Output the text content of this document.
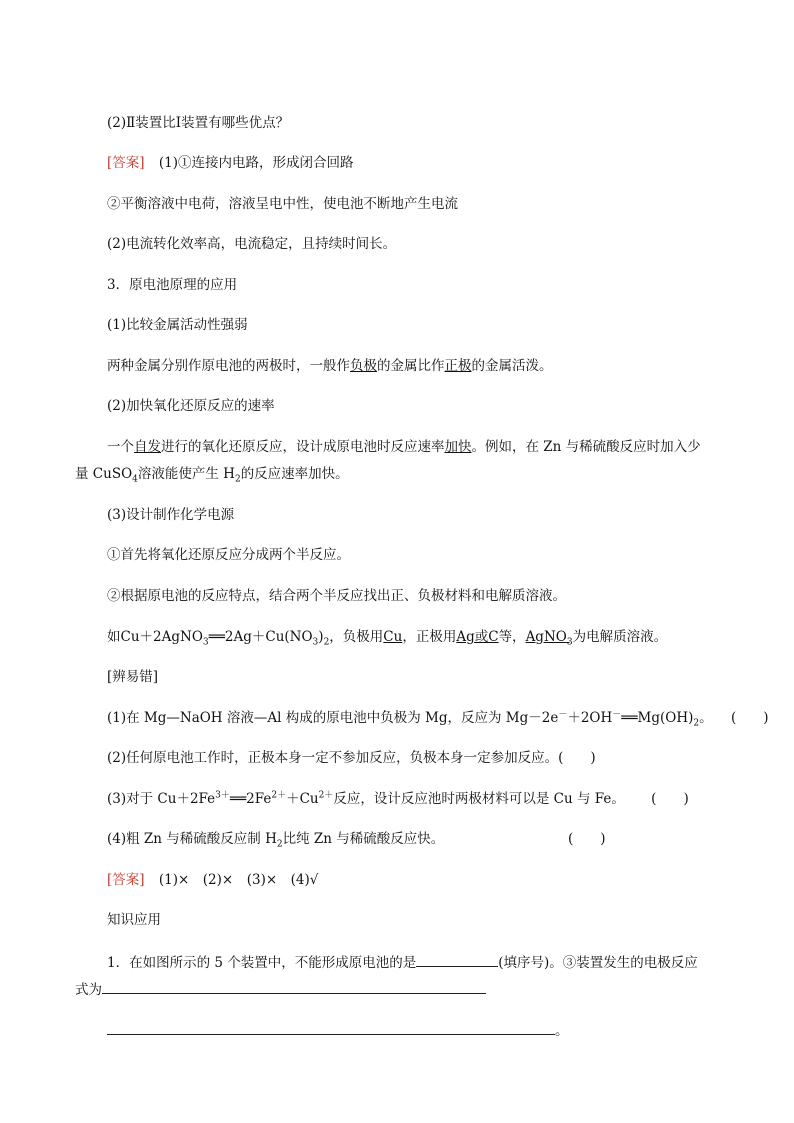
(2)Ⅱ装置比Ⅰ装置有哪些优点？
[答案] (1)①连接内电路，形成闭合回路
②平衡溶液中电荷，溶液呈电中性，使电池不断地产生电流
(2)电流转化效率高，电流稳定，且持续时间长。
3．原电池原理的应用
(1)比较金属活动性强弱
两种金属分别作原电池的两极时，一般作负极的金属比作正极的金属活泼。
(2)加快氧化还原反应的速率
一个自发进行的氧化还原反应，设计成原电池时反应速率加快。例如，在 Zn 与稀硫酸反应时加入少
量 CuSO$_4$溶液能使产生 $H_2$的反应速率加快。
(3)设计制作化学电源
①首先将氧化还原反应分成两个半反应。
②根据原电池的反应特点，结合两个半反应找出正、负极材料和电解质溶液。
如$Cu+2AgNO_3══2Ag+Cu(NO_3)_2$，负极用Cu，正极用Ag或C等，AgNO$_3$为电解质溶液。
[辨易错]
(1)在 Mg—NaOH 溶液—Al 构成的原电池中负极为 Mg，反应为 $Mg-2e^-+2OH^-══Mg(OH)_2$。 (　　)
(2)任何原电池工作时，正极本身一定不参加反应，负极本身一定参加反应。(　　)
(3)对于 $Cu+2Fe^{3+}══2Fe^{2+}+Cu^{2+}$反应，设计反应池时两极材料可以是 Cu 与 Fe。 (　　)
(4)粗 Zn 与稀硫酸反应制 $H_2$比纯 Zn 与稀硫酸反应快。	(　　)
[答案] (1)×　(2)×　(3)×　(4)√
知识应用
1．在如图所示的 5 个装置中，不能形成原电池的是	(填序号)。③装置发生的电极反应
式为
。
